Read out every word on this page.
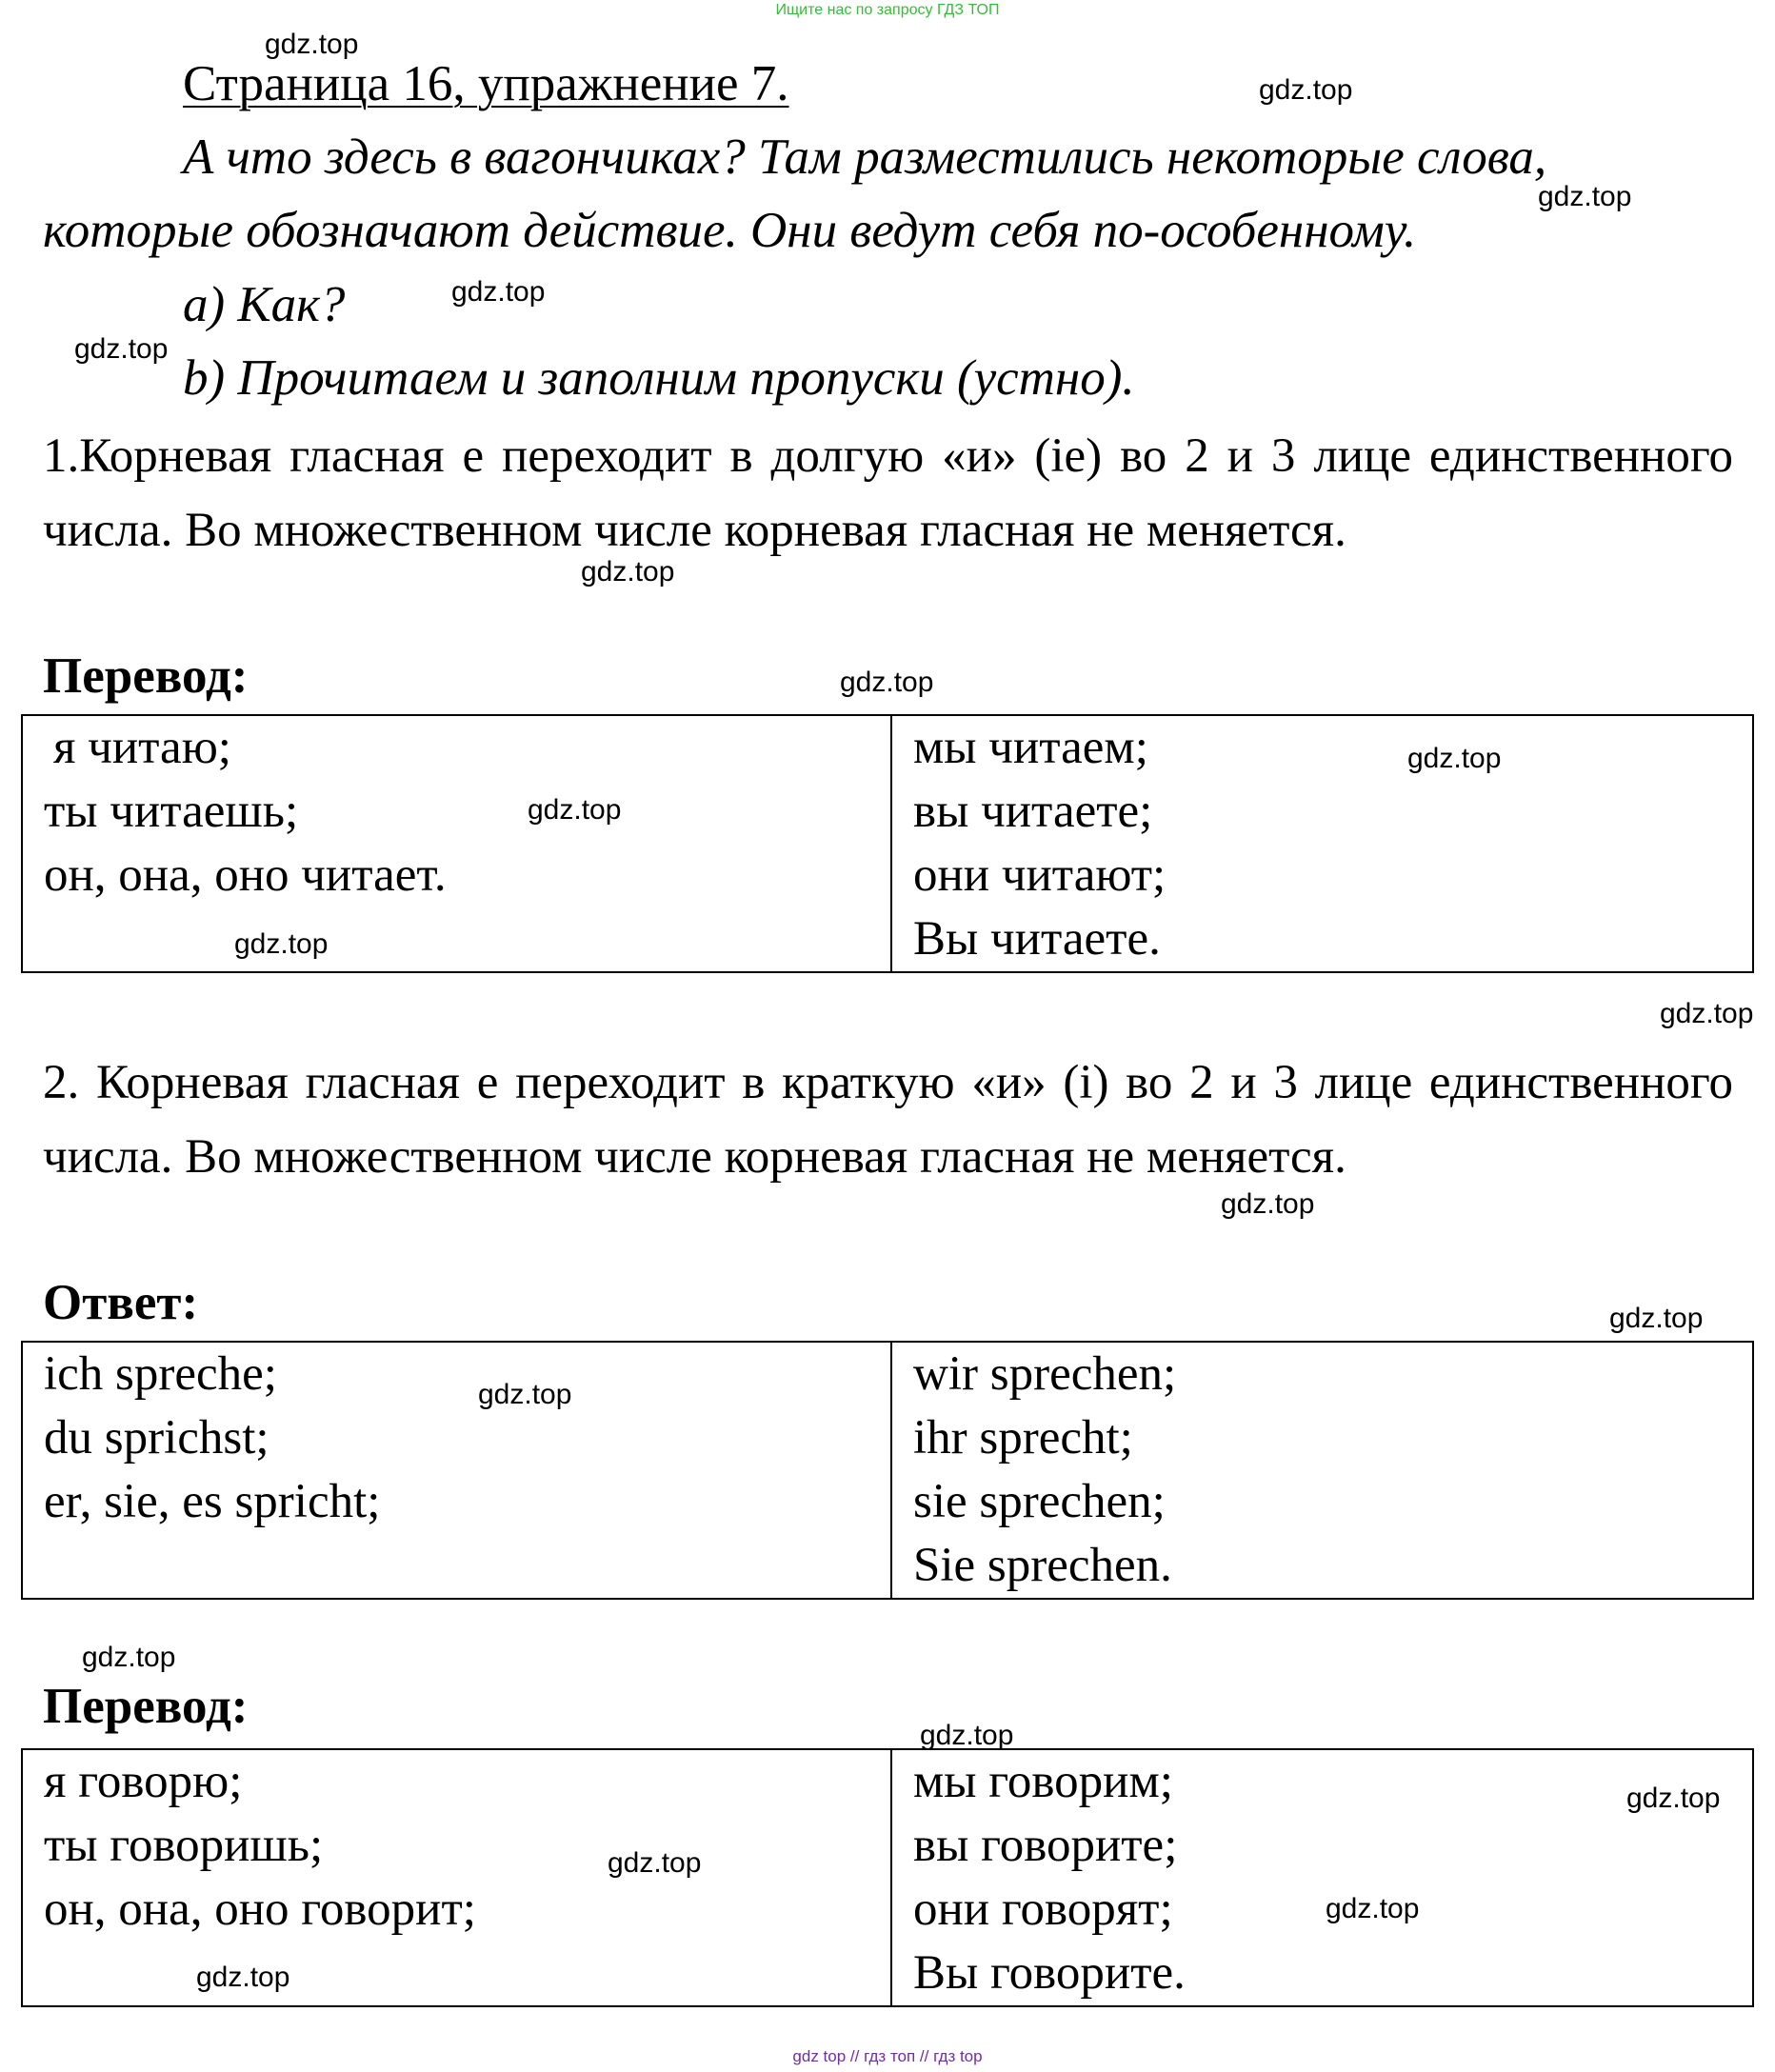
Ищите нас по запросу ГДЗ ТОП
Страница 16, упражнение 7.
А что здесь в вагончиках? Там разместились некоторые слова,
которые обозначают действие. Они ведут себя по-особенному.
а) Как?
b) Прочитаем и заполним пропуски (устно).
1.Корневая гласная е переходит в долгую «и» (ie) во 2 и 3 лице единственного числа. Во множественном числе корневая гласная не меняется.
Перевод:
я читаю;
ты читаешь;
он, она, оно читает.

мы читаем;
вы читаете;
они читают;
Вы читаете.
2. Корневая гласная е переходит в краткую «и» (i) во 2 и 3 лице единственного числа. Во множественном числе корневая гласная не меняется.
Ответ:
ich spreche;
du sprichst;
er, sie, es spricht;

wir sprechen;
ihr sprecht;
sie sprechen;
Sie sprechen.
Перевод:
я говорю;
ты говоришь;
он, она, оно говорит;

мы говорим;
вы говорите;
они говорят;
Вы говорите.
gdz.top
gdz.top
gdz.top
gdz.top
gdz.top
gdz.top
gdz.top
gdz.top
gdz.top
gdz.top
gdz.top
gdz.top
gdz.top
gdz.top
gdz.top
gdz.top
gdz.top
gdz.top
gdz.top
gdz.top
gdz top // гдз топ // гдз top
